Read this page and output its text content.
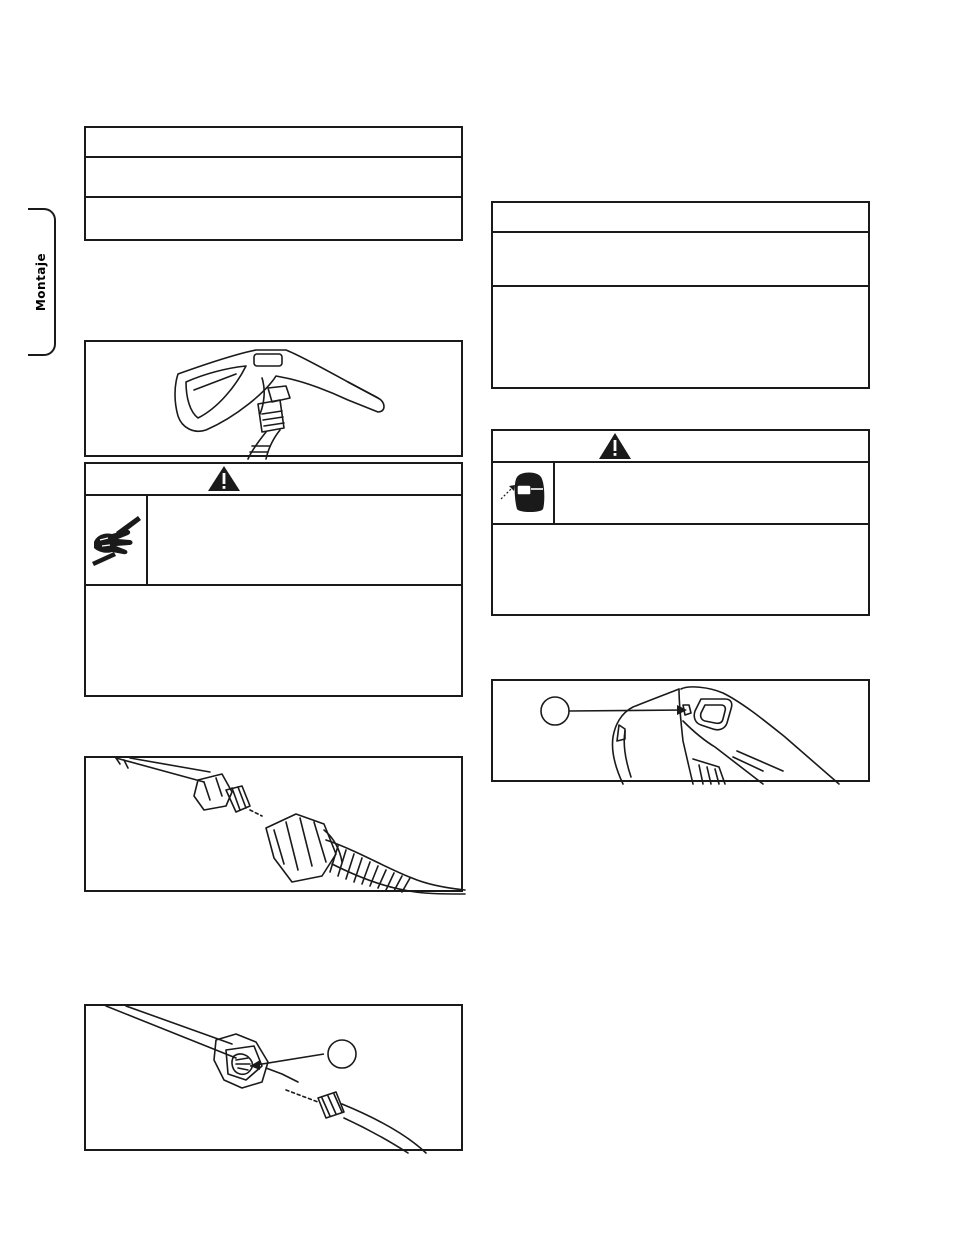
Montaje
